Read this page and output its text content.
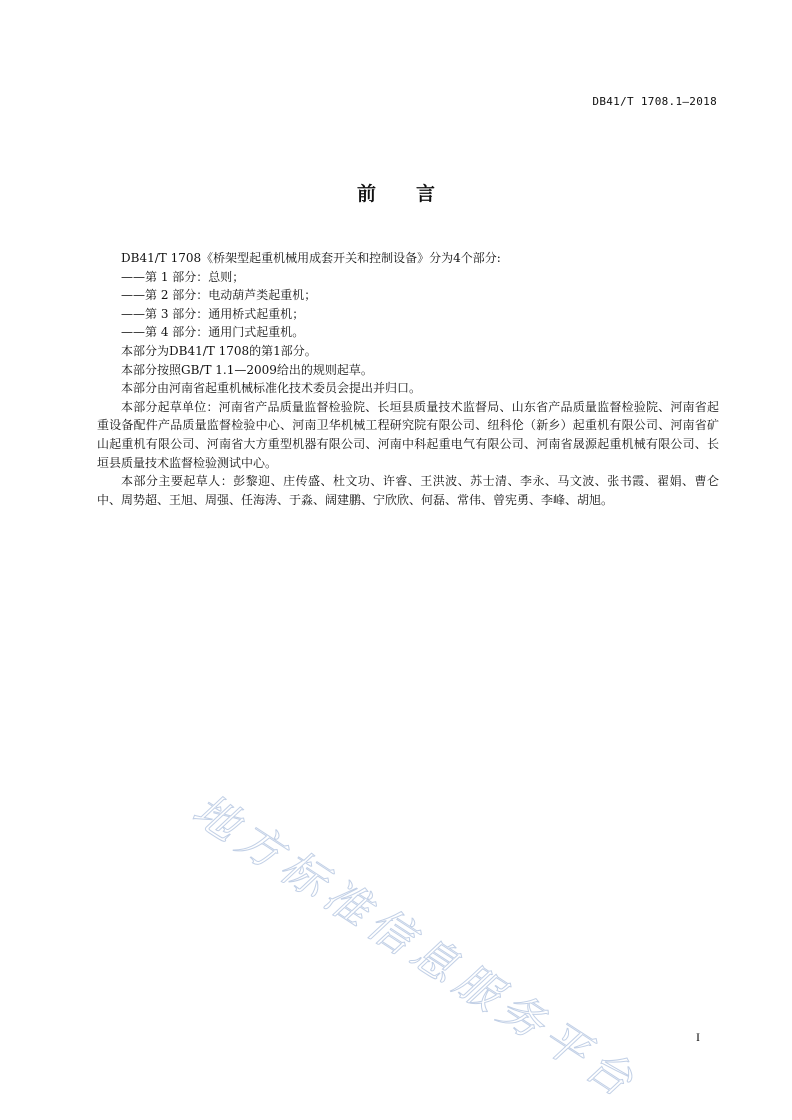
DB41/T 1708.1—2018
前言

DB41/T 1708《桥架型起重机械用成套开关和控制设备》分为4个部分:

——第 1 部分：总则；

——第 2 部分：电动葫芦类起重机；

——第 3 部分：通用桥式起重机；

——第 4 部分：通用门式起重机。

本部分为DB41/T 1708的第1部分。

本部分按照GB/T 1.1—2009给出的规则起草。

本部分由河南省起重机械标准化技术委员会提出并归口。

本部分起草单位：河南省产品质量监督检验院、长垣县质量技术监督局、山东省产品质量监督检验院、河南省起重设备配件产品质量监督检验中心、河南卫华机械工程研究院有限公司、纽科伦（新乡）起重机有限公司、河南省矿山起重机有限公司、河南省大方重型机器有限公司、河南中科起重电气有限公司、河南省晟源起重机械有限公司、长垣县质量技术监督检验测试中心。

本部分主要起草人：彭黎迎、庄传盛、杜文功、许睿、王洪波、苏士清、李永、马文波、张书霞、翟娟、曹仑中、周势超、王旭、周强、任海涛、于淼、阔建鹏、宁欣欣、何磊、常伟、曾宪勇、李峰、胡旭。

地方标准信息服务平台	I
